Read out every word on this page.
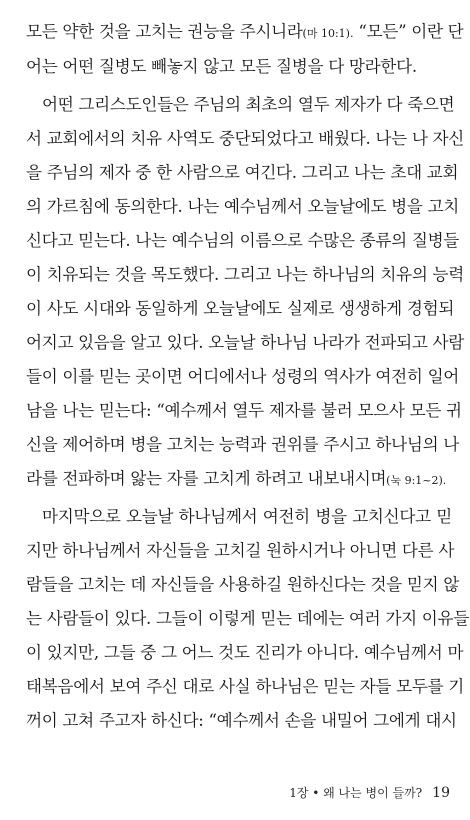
모든 약한 것을 고치는 권능을 주시니라(마 10:1). “모든” 이란 단
어는 어떤 질병도 빼놓지 않고 모든 질병을 다 망라한다.
어떤 그리스도인들은 주님의 최초의 열두 제자가 다 죽으면
서 교회에서의 치유 사역도 중단되었다고 배웠다. 나는 나 자신
을 주님의 제자 중 한 사람으로 여긴다. 그리고 나는 초대 교회
의 가르침에 동의한다. 나는 예수님께서 오늘날에도 병을 고치
신다고 믿는다. 나는 예수님의 이름으로 수많은 종류의 질병들
이 치유되는 것을 목도했다. 그리고 나는 하나님의 치유의 능력
이 사도 시대와 동일하게 오늘날에도 실제로 생생하게 경험되
어지고 있음을 알고 있다. 오늘날 하나님 나라가 전파되고 사람
들이 이를 믿는 곳이면 어디에서나 성령의 역사가 여전히 일어
남을 나는 믿는다: “예수께서 열두 제자를 불러 모으사 모든 귀
신을 제어하며 병을 고치는 능력과 권위를 주시고 하나님의 나
라를 전파하며 앓는 자를 고치게 하려고 내보내시며(눅 9:1~2).
마지막으로 오늘날 하나님께서 여전히 병을 고치신다고 믿
지만 하나님께서 자신들을 고치길 원하시거나 아니면 다른 사
람들을 고치는 데 자신들을 사용하길 원하신다는 것을 믿지 않
는 사람들이 있다. 그들이 이렇게 믿는 데에는 여러 가지 이유들
이 있지만, 그들 중 그 어느 것도 진리가 아니다. 예수님께서 마
태복음에서 보여 주신 대로 사실 하나님은 믿는 자들 모두를 기
꺼이 고쳐 주고자 하신다: “예수께서 손을 내밀어 그에게 대시
1장 • 왜 나는 병이 들까? 19
